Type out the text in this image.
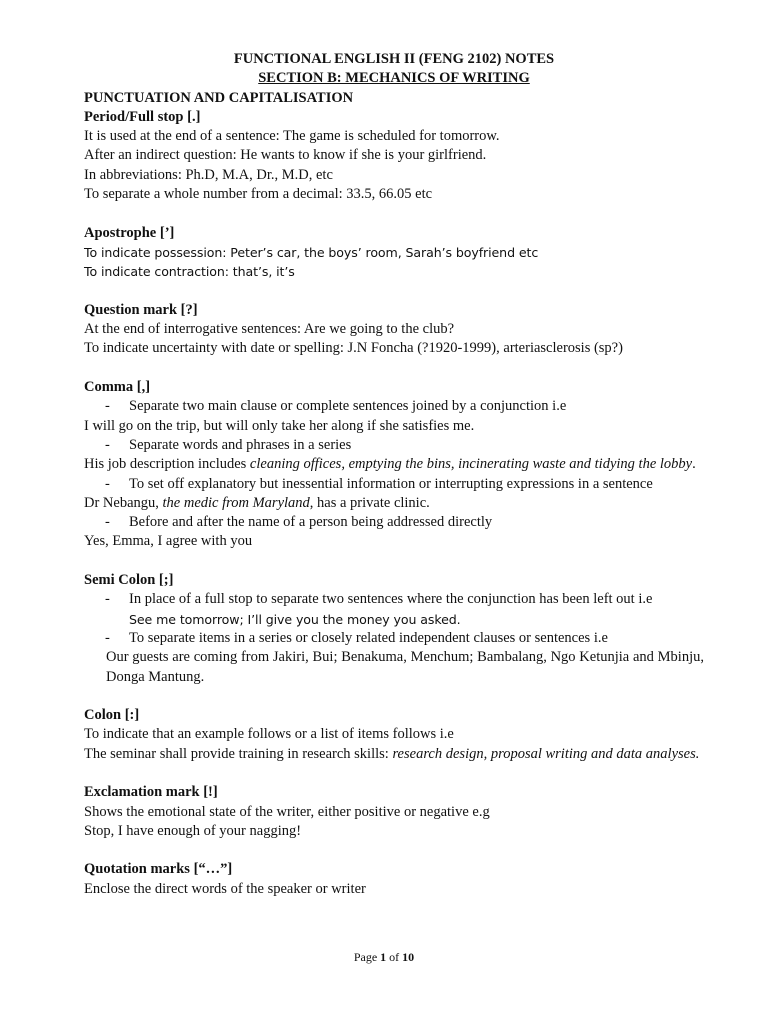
FUNCTIONAL ENGLISH II (FENG 2102) NOTES
SECTION B: MECHANICS OF WRITING
PUNCTUATION AND CAPITALISATION
Period/Full stop [.]
It is used at the end of a sentence: The game is scheduled for tomorrow.
After an indirect question: He wants to know if she is your girlfriend.
In abbreviations: Ph.D, M.A, Dr., M.D, etc
To separate a whole number from a decimal: 33.5, 66.05 etc
Apostrophe [’]
To indicate possession: Peter’s car, the boys’ room, Sarah’s boyfriend etc
To indicate contraction: that’s, it’s
Question mark [?]
At the end of interrogative sentences: Are we going to the club?
To indicate uncertainty with date or spelling: J.N Foncha (?1920-1999), arteriasclerosis (sp?)
Comma [,]
- Separate two main clause or complete sentences joined by a conjunction i.e
I will go on the trip, but will only take her along if she satisfies me.
- Separate words and phrases in a series
His job description includes cleaning offices, emptying the bins, incinerating waste and tidying the lobby.
- To set off explanatory but inessential information or interrupting expressions in a sentence
Dr Nebangu, the medic from Maryland, has a private clinic.
- Before and after the name of a person being addressed directly
Yes, Emma, I agree with you
Semi Colon [;]
- In place of a full stop to separate two sentences where the conjunction has been left out i.e
See me tomorrow; I’ll give you the money you asked.
- To separate items in a series or closely related independent clauses or sentences i.e
Our guests are coming from Jakiri, Bui; Benakuma, Menchum; Bambalang, Ngo Ketunjia and Mbinju, Donga Mantung.
Colon [:]
To indicate that an example follows or a list of items follows i.e
The seminar shall provide training in research skills: research design, proposal writing and data analyses.
Exclamation mark [!]
Shows the emotional state of the writer, either positive or negative e.g
Stop, I have enough of your nagging!
Quotation marks [“…”]
Enclose the direct words of the speaker or writer
Page 1 of 10
